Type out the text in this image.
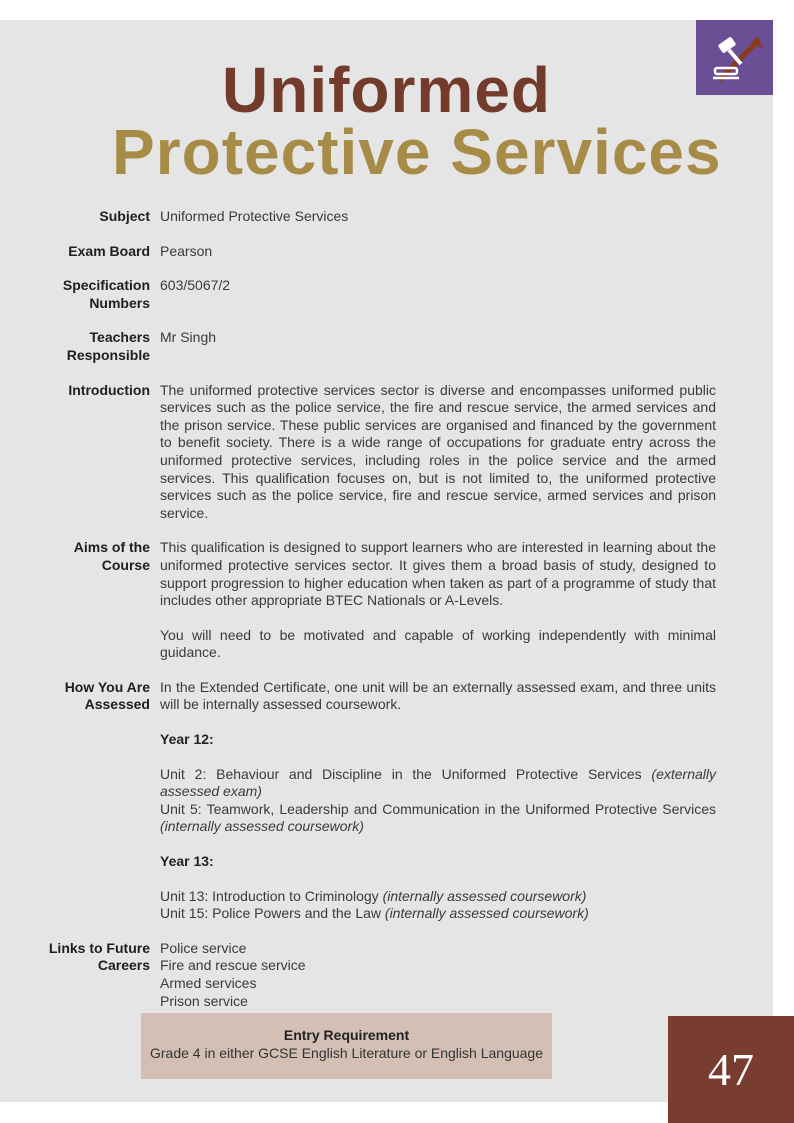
Uniformed
Protective Services
Subject Uniformed Protective Services
Exam Board Pearson
Specification
Numbers
603/5067/2
Teachers
Responsible
Mr Singh
Introduction The uniformed protective services sector is diverse and encompasses uniformed public services such as the police service, the fire and rescue service, the armed services and the prison service. These public services are organised and financed by the government to benefit society. There is a wide range of occupations for graduate entry across the uniformed protective services, including roles in the police service and the armed services. This qualification focuses on, but is not limited to, the uniformed protective services such as the police service, fire and rescue service, armed services and prison service.
Aims of the
Course

This qualification is designed to support learners who are interested in learning about the uniformed protective services sector. It gives them a broad basis of study, designed to support progression to higher education when taken as part of a programme of study that includes other appropriate BTEC Nationals or A-Levels.

You will need to be motivated and capable of working independently with minimal guidance.

How You Are
Assessed

In the Extended Certificate, one unit will be an externally assessed exam, and three units will be internally assessed coursework.

Year 12:

Unit 2: Behaviour and Discipline in the Uniformed Protective Services (externally assessed exam)
Unit 5: Teamwork, Leadership and Communication in the Uniformed Protective Services (internally assessed coursework)

Year 13:

Unit 13: Introduction to Criminology (internally assessed coursework)
Unit 15: Police Powers and the Law (internally assessed coursework)

Links to Future
Careers
Police service
Fire and rescue service
Armed services
Prison service
Entry Requirement
Grade 4 in either GCSE English Literature or English Language	47
